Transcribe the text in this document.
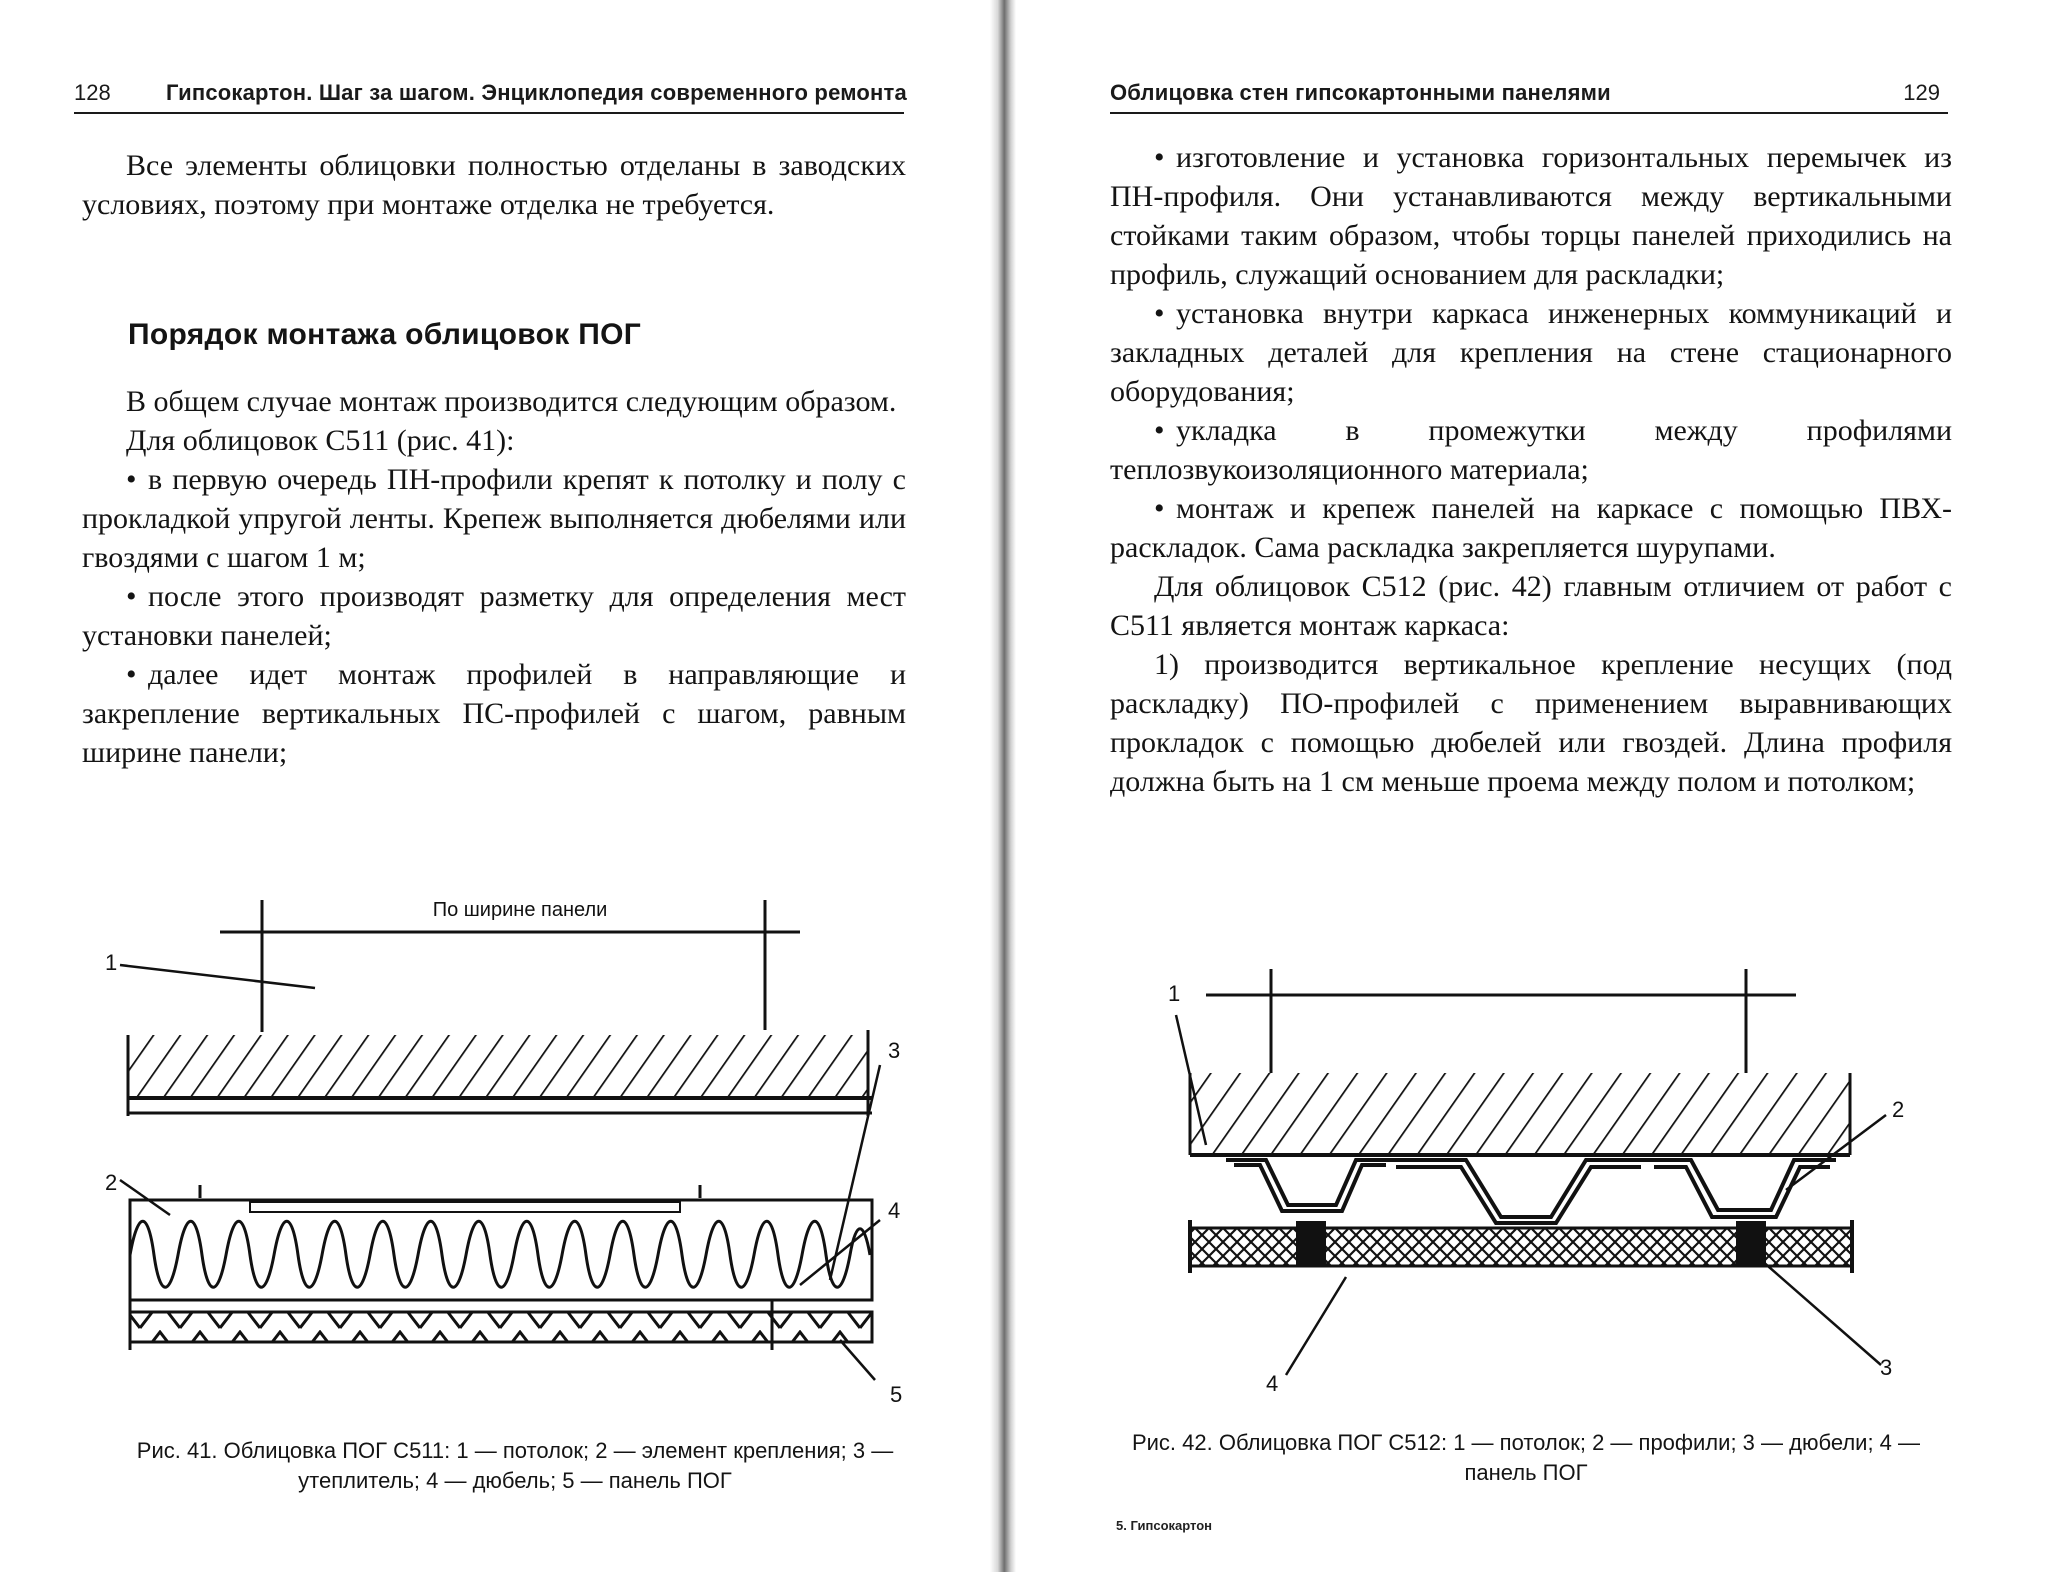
128	Гипсокартон. Шаг за шагом. Энциклопедия современного ремонта

Все элементы облицовки полностью отделаны в заводских условиях, поэтому при монтаже отделка не требуется.

Порядок монтажа облицовок ПОГ

В общем случае монтаж производится следующим образом.

Для облицовок С511 (рис. 41):

• в первую очередь ПН-профили крепят к потолку и полу с прокладкой упругой ленты. Крепеж выполняется дюбелями или гвоздями с шагом 1 м;

• после этого производят разметку для определения мест установки панелей;

• далее идет монтаж профилей в направляющие и закрепление вертикальных ПС-профилей с шагом, равным ширине панели;

По ширине панели
1
2
3
4
5
Рис. 41. Облицовка ПОГ С511: 1 — потолок; 2 — элемент крепления; 3 — утеплитель; 4 — дюбель; 5 — панель ПОГ
Облицовка стен гипсокартонными панелями	129

• изготовление и установка горизонтальных перемычек из ПН-профиля. Они устанавливаются между вертикальными стойками таким образом, чтобы торцы панелей приходились на профиль, служащий основанием для раскладки;

• установка внутри каркаса инженерных коммуникаций и закладных деталей для крепления на стене стационарного оборудования;

• укладка в промежутки между профилями теплозвукоизоляционного материала;

• монтаж и крепеж панелей на каркасе с помощью ПВХ-раскладок. Сама раскладка закрепляется шурупами.

Для облицовок С512 (рис. 42) главным отличием от работ с С511 является монтаж каркаса:

1) производится вертикальное крепление несущих (под раскладку) ПО-профилей с применением выравнивающих прокладок с помощью дюбелей или гвоздей. Длина профиля должна быть на 1 см меньше проема между полом и потолком;

1
2
3
4
Рис. 42. Облицовка ПОГ С512: 1 — потолок; 2 — профили; 3 — дюбели; 4 — панель ПОГ
5. Гипсокартон
